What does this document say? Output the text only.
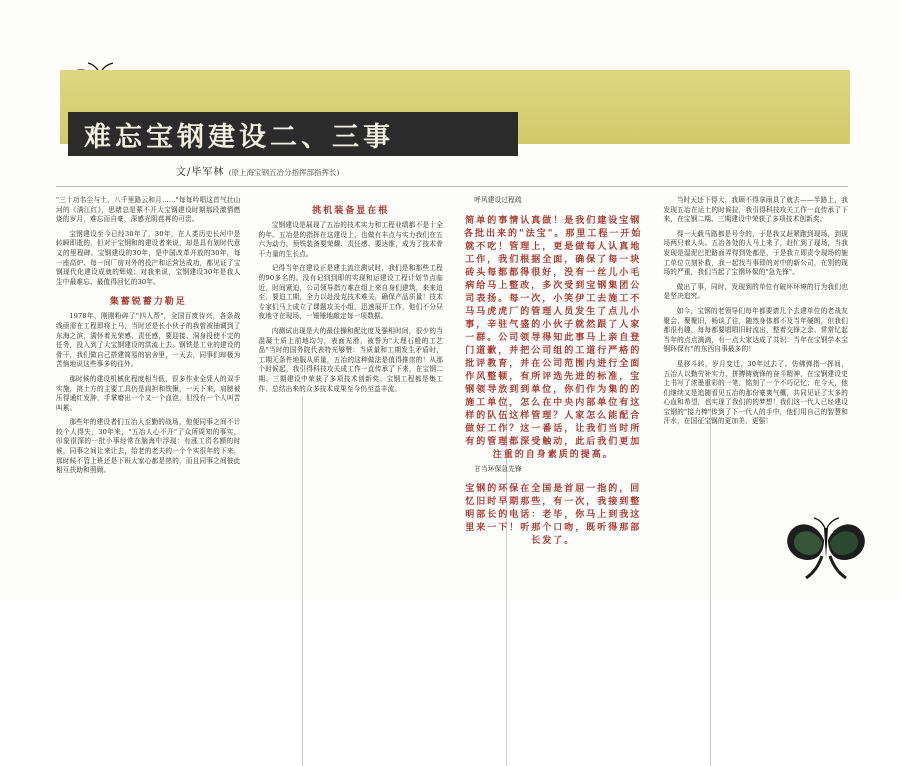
难忘宝钢建设二、三事
文/毕军林 (原上海宝钢五冶分指挥部指挥长)

"三十功名尘与土，八千里路云和月……"每每吟唱这首气壮山河的《满江红》，思绪总是萦不开大宝钢建设时期那段激情燃烧的岁月，难忘而自豪，深感光阴荏苒的可贵。

宝钢建设至今已经30年了，30年，在人类历史长河中是转瞬即逝的，但对于宝钢和的建设者来说，却是具有划时代意义的里程碑。宝钢建设的30年，是中国改革开放的30年，每一座高炉、每一间厂房对外的投产和运营达成功，都见证了宝钢现代化建设成就的辉煌；对我来说，宝钢建设30年是我人生中最难忘、最值得回忆的30年。

集蓄锐蓄力勒足

1978年，刚刚粉碎了"四人帮"，全国百废待兴，各条战线亟需在工程即将上马，当时还是长小伙子的我曾被抽调到了东海之滨，满怀着光荣感、责任感，要迎接、洞身投使不完的任务，投入到了大宝钢建设的洪流上去。钢铁是工业的建设的骨干，我们做自己搭建简易的宿舍里，一天去，同事们却极为苦恼地说这些事多的往外。

那时候的建设机械化程度相当低，很多作业全凭人的双手实施，挑土方的主要工具仍是扁担和铁锹，一天下来，肩膀被压得通红发肿，手掌磨出一个又一个血泡，但没有一个人叫苦叫累。

那些年的建设者们五冶人至勤的战场，他便同事之间不计较个人得失，30年来，"五冶人心不开"了众所周知的事实，印象很深的一批小事经常在脑海中浮现：有涨工资名额的时候，同事之间让来让去，给老的老夫的一个个实很年的下来，那时候不管上班还是下班大家心都是热的，而且同事之间彼此相互扶助和照顾。

挑机装备显在根

宝钢建设是展现了五冶的技术实力和工程业绩都不是十全的年。五冶是的指挥在这建设上，也做有丰点与实力我们在五六为动力，预铁装备要荣耀、责任感、要达维，成为了技术骨干力量的生长点。

记得当年在建设正是建主流注测试时，我们是和那些工程的90多名的。没有记到到即的实现和运建设工程计划节点临近，时间紧迫，公司领导指万难在组上来自身们建筑，来来迫至、要迫工期，全力以赴没克技术难关，确保产品质量！技术专家们马上成立了课题攻关小组，迅速展开工作，他们不分昼夜地守在现场，一锤锤地敲定每一项数据。

内测试出现是大的最佳操和配比度及强相时间，很少的当混凝土质上前地均匀，表面光滑，被誉为"大理石般的工艺品"当时的国务院代表特光够赞：当质量和工期发生矛盾时，工期无条件地服从质量，五冶的这种做法是值得推崇的！从那个时候起，我引得科技攻关成工作一直传承了下来，在宝钢二期、三期建设中荣获了多项技术创新奖。宝钢工程都是集工作、总结出来的众多技术成果至今仍至益丰流。

呼风建设过程疏

简单的事情认真做！是我们建设宝钢各批出来的"法宝"。那里工程一开始就不吃！管理上，更是做每人认真地工作，我们根据全面，确保了每一块砖头每都都得很好，没有一丝儿小毛病给马上整改，多次受到宝钢集团公司表扬。每一次，小笑伊工去施工不马马虎虎厂的管理人员发生了点儿小事，辛驻气盛的小伙子就然跟了人家一群。公司领导得知此事马上亲自登门道歉，并把公司组的工道行严格的批评教育，并在公司范围内进行全面作风整顿，有所评选先进的标准，宝钢领导放到到单位，你们作为集的的施工单位，怎么在中央内部单位有这样的队伍这样管理？人家怎么能配合做好工作？这一番话，让我们当时所有的管理都深受触动，此后我们更加注重的自身素质的提高。

甘当环保急先锋

宝钢的环保在全国是首屈一指的，回忆旧时早期那些，有一次，我接到整明部长的电话：老毕，你马上到我这里来一下！听那个口吻，既听得那部长发了。

当时天还下得大，我顾不得拿雨具了就去——半路上，我发现五冶在运土的时候拉，我引得科技攻关工作一直传承了下来，在宝钢二期、三期建设中荣获了多项技术创新奖。

得一天载马路都是号令的，于是我又赶紧跑到现场，到现场两只着人头。五冶各处的人马上来了，赶忙到了现场，当我发现是湿泥巴把路面弄得到处都是，于是我立即责令现场的施工单位立刻补救，我一起找当事即的对中的新公司，在别的现场的严重，我们当起了宝钢环保的"急先锋"。

做出了事，同时，发现到的单位有破坏环境的行为我们也是坚决追究。

如今，宝钢的老领导们每年都要请几个去建单位的老战友聚会，聚聚旧，畅谈了往，随然身体都不及当年硬朗，但我们都很有趣，每每都要唱唱旧时流出，整着交锋之余、常常忆起当年的点点滴滴，有一点大家达成了共识：当年在宝钢学本宝钢环保有"的东西自事最多的！

星移斗转，岁月变迁，30年过去了。仿佛弹指一挥间，五冶人以勤劳补实力、拼搏铸就锋的奋斗精神，在宝钢建设史上书写了浓墨重彩的一笔，铭刻了一个不巧记忆；在今天，他们继续又是追随看见五冶的那份豪爽气概，共同见证了太多的心血和希望，也实现了我们的的梦想！我们这一代人已经建设宝钢的"接力棒"传到了下一代人的手中，他们用自己的智慧和汗水，在国征宝钢的更加美、更强！
